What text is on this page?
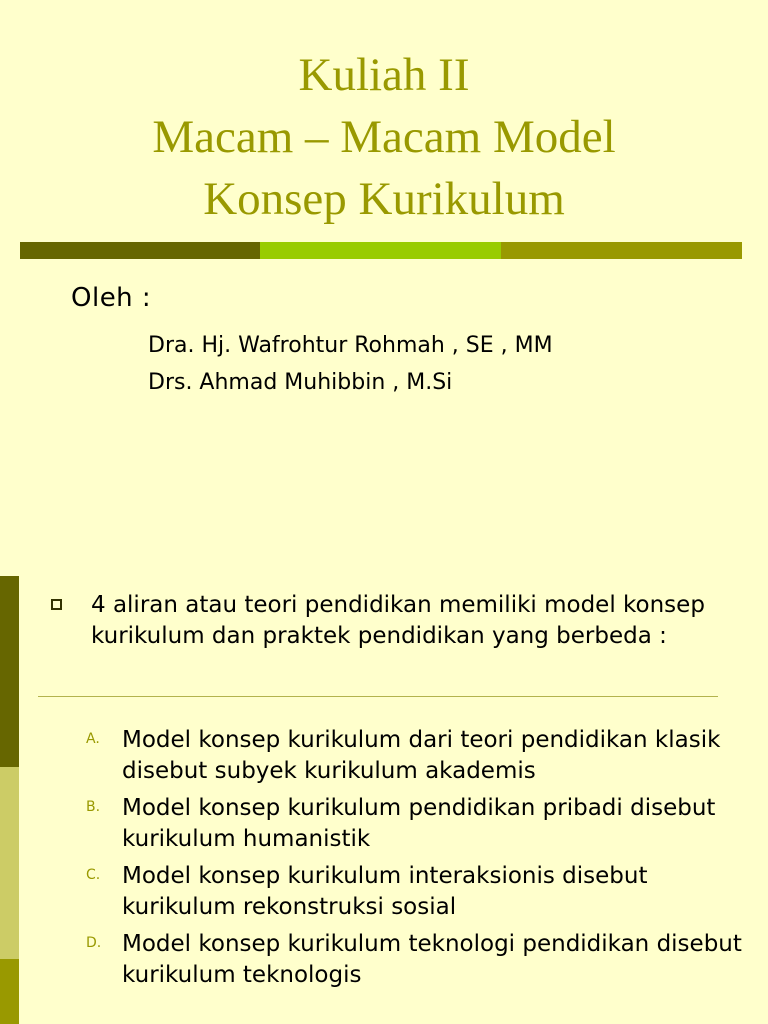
Kuliah II
Macam – Macam Model
Konsep Kurikulum
Oleh :
Dra. Hj. Wafrohtur Rohmah , SE , MM
Drs. Ahmad Muhibbin , M.Si
4 aliran atau teori pendidikan memiliki model konsep kurikulum dan praktek pendidikan yang berbeda :
A. Model konsep kurikulum dari teori pendidikan klasik disebut subyek kurikulum akademis
B. Model konsep kurikulum pendidikan pribadi disebut kurikulum humanistik
C. Model konsep kurikulum interaksionis disebut kurikulum rekonstruksi sosial
D. Model konsep kurikulum teknologi pendidikan disebut kurikulum teknologis
